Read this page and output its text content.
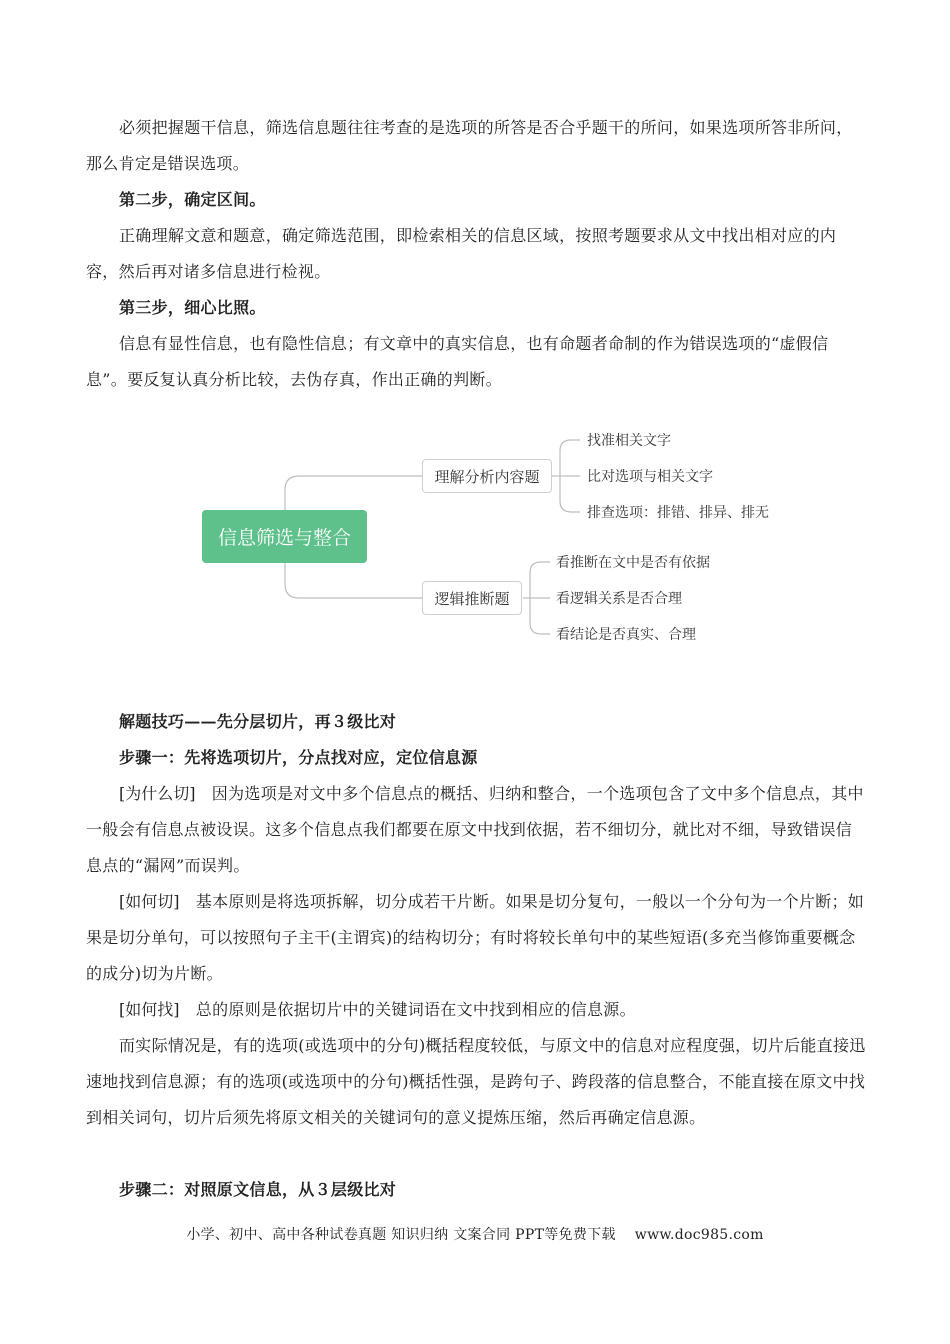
必须把握题干信息，筛选信息题往往考查的是选项的所答是否合乎题干的所问，如果选项所答非所问，那么肯定是错误选项。

第二步，确定区间。

正确理解文意和题意，确定筛选范围，即检索相关的信息区域，按照考题要求从文中找出相对应的内容，然后再对诸多信息进行检视。

第三步，细心比照。

信息有显性信息，也有隐性信息；有文章中的真实信息，也有命题者命制的作为错误选项的“虚假信息”。要反复认真分析比较，去伪存真，作出正确的判断。

信息筛选与整合
理解分析内容题
逻辑推断题
找准相关文字
比对选项与相关文字
排查选项：排错、排异、排无
看推断在文中是否有依据
看逻辑关系是否合理
看结论是否真实、合理

解题技巧——先分层切片，再３级比对

步骤一：先将选项切片，分点找对应，定位信息源

[为什么切]　因为选项是对文中多个信息点的概括、归纳和整合，一个选项包含了文中多个信息点，其中一般会有信息点被设误。这多个信息点我们都要在原文中找到依据，若不细切分，就比对不细，导致错误信息点的“漏网”而误判。

[如何切]　基本原则是将选项拆解，切分成若干片断。如果是切分复句，一般以一个分句为一个片断；如果是切分单句，可以按照句子主干(主谓宾)的结构切分；有时将较长单句中的某些短语(多充当修饰重要概念的成分)切为片断。

[如何找]　总的原则是依据切片中的关键词语在文中找到相应的信息源。

而实际情况是，有的选项(或选项中的分句)概括程度较低，与原文中的信息对应程度强，切片后能直接迅速地找到信息源；有的选项(或选项中的分句)概括性强，是跨句子、跨段落的信息整合，不能直接在原文中找到相关词句，切片后须先将原文相关的关键词句的意义提炼压缩，然后再确定信息源。

步骤二：对照原文信息，从３层级比对

小学、初中、高中各种试卷真题 知识归纳 文案合同 PPT等免费下载　 www.doc985.com
